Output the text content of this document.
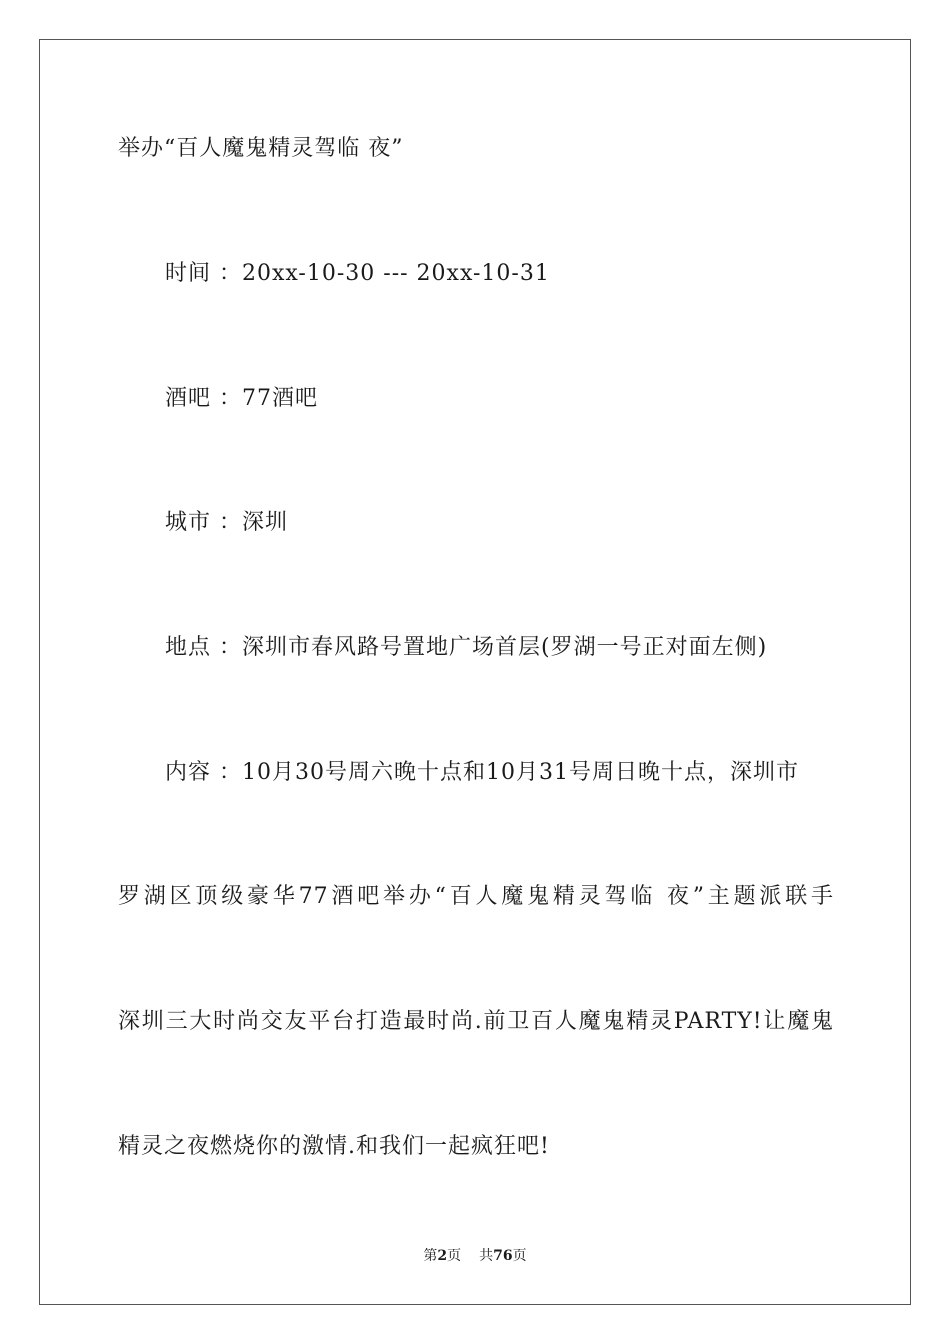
举办“百人魔鬼精灵驾临 夜”
时间 ：20xx-10-30 --- 20xx-10-31
酒吧 ：77酒吧
城市 ：深圳
地点 ：深圳市春风路号置地广场首层(罗湖一号正对面左侧)
内容 ：10月30号周六晚十点和10月31号周日晚十点，深圳市
罗湖区顶级豪华77酒吧举办“百人魔鬼精灵驾临 夜”主题派联手
深圳三大时尚交友平台打造最时尚.前卫百人魔鬼精灵PARTY!让魔鬼
精灵之夜燃烧你的激情.和我们一起疯狂吧!
第2页 共76页
